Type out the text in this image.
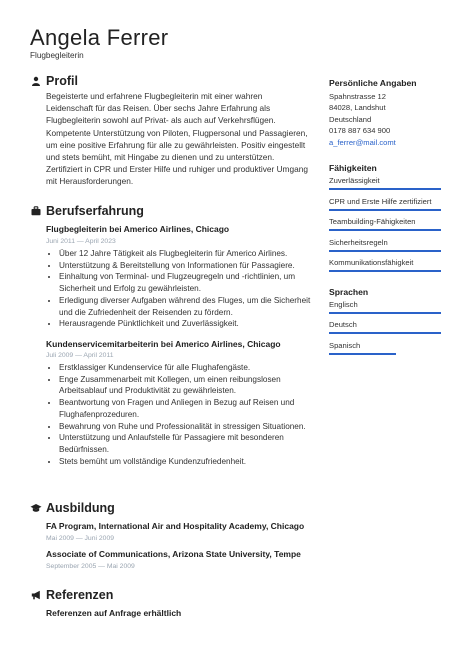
Angela Ferrer
Flugbegleiterin
Profil
Begeisterte und erfahrene Flugbegleiterin mit einer wahren Leidenschaft für das Reisen. Über sechs Jahre Erfahrung als Flugbegleiterin sowohl auf Privat- als auch auf Verkehrsflügen. Kompetente Unterstützung von Piloten, Flugpersonal und Passagieren, um eine positive Erfahrung für alle zu gewährleisten. Positiv eingestellt und stets bemüht, mit Hingabe zu dienen und zu unterstützen. Zertifiziert in CPR und Erster Hilfe und ruhiger und produktiver Umgang mit Herausforderungen.
Berufserfahrung
Flugbegleiterin bei Americo Airlines, Chicago
Juni 2011 — April 2023
• Über 12 Jahre Tätigkeit als Flugbegleiterin für Americo Airlines.
• Unterstützung & Bereitstellung von Informationen für Passagiere.
• Einhaltung von Terminal- und Flugzeugregeln und -richtlinien, um Sicherheit und Erfolg zu gewährleisten.
• Erledigung diverser Aufgaben während des Fluges, um die Sicherheit und die Zufriedenheit der Reisenden zu fördern.
• Herausragende Pünktlichkeit und Zuverlässigkeit.
Kundenservicemitarbeiterin bei Americo Airlines, Chicago
Juli 2009 — April 2011
• Erstklassiger Kundenservice für alle Flughafengäste.
• Enge Zusammenarbeit mit Kollegen, um einen reibungslosen Arbeitsablauf und Produktivität zu gewährleisten.
• Beantwortung von Fragen und Anliegen in Bezug auf Reisen und Flughafenprozeduren.
• Bewahrung von Ruhe und Professionalität in stressigen Situationen.
• Unterstützung und Anlaufstelle für Passagiere mit besonderen Bedürfnissen.
• Stets bemüht um vollständige Kundenzufriedenheit.
Ausbildung
FA Program, International Air and Hospitality Academy, Chicago
Mai 2009 — Juni 2009
Associate of Communications, Arizona State University, Tempe
September 2005 — Mai 2009
Referenzen
Referenzen auf Anfrage erhältlich
Persönliche Angaben
Spahnstrasse 12
84028, Landshut
Deutschland
0178 887 634 900
a_ferrer@mail.comt
Fähigkeiten
Zuverlässigkeit
CPR und Erste Hilfe zertifiziert
Teambuilding-Fähigkeiten
Sicherheitsregeln
Kommunikationsfähigkeit
Sprachen
Englisch
Deutsch
Spanisch
